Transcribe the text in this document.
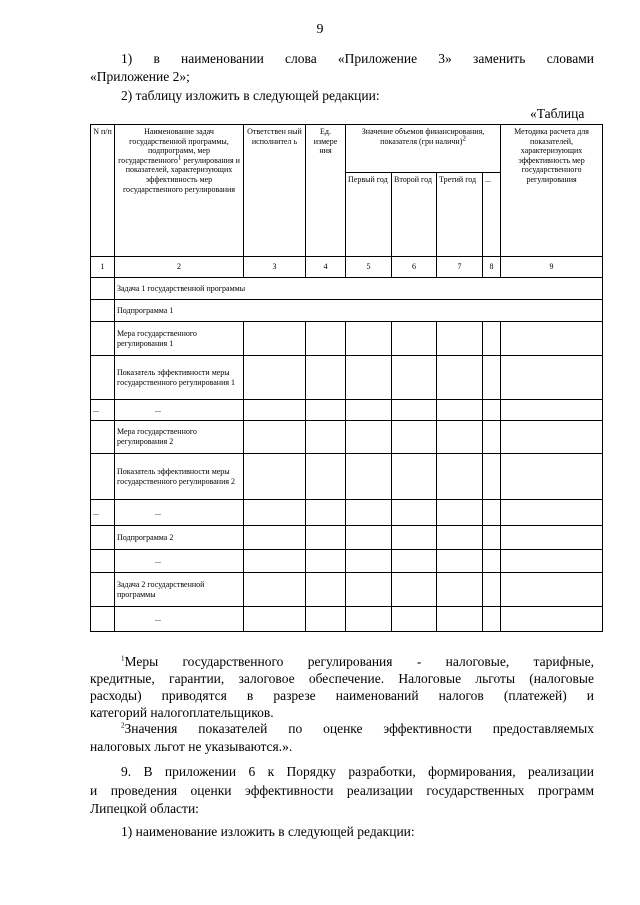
9
1) в наименовании слова «Приложение 3» заменить словами
«Приложение 2»;
2) таблицу изложить в следующей редакции:
«Таблица
N п/п	Наименование задач государственной программы, подпрограмм, мер государственного$^1$ регулирования и показателей, характеризующих эффективность мер государственного регулирования	Ответствен ный исполнител ь	Ед. измере ния	Значение объемов финансирования, показателя (грн наличн)$^2$				Методика расчета для показателей, характеризующих эффективность мер государственного регулирования
				Первый год	Второй год	Третий год	...	
1	2	3	4	5	6	7	8	9
	Задача 1 государственной программы							
	Подпрограмма 1							
	Мера государственного регулирования 1							
	Показатель эффективности меры государственного регулирования 1							
...	...							
	Мера государственного регулирования 2							
	Показатель эффективности меры государственного регулирования 2							
...	...							
	Подпрограмма 2							
	...							
	Задача 2 государственной программы							
	...							
$^1$Меры государственного регулирования - налоговые, тарифные,
кредитные, гарантии, залоговое обеспечение. Налоговые льготы (налоговые
расходы) приводятся в разрезе наименований налогов (платежей) и
категорий налогоплательщиков.
$^2$Значения показателей по оценке эффективности предоставляемых
налоговых льгот не указываются.».
9. В приложении 6 к Порядку разработки, формирования, реализации
и проведения оценки эффективности реализации государственных программ
Липецкой области:
1) наименование изложить в следующей редакции:
